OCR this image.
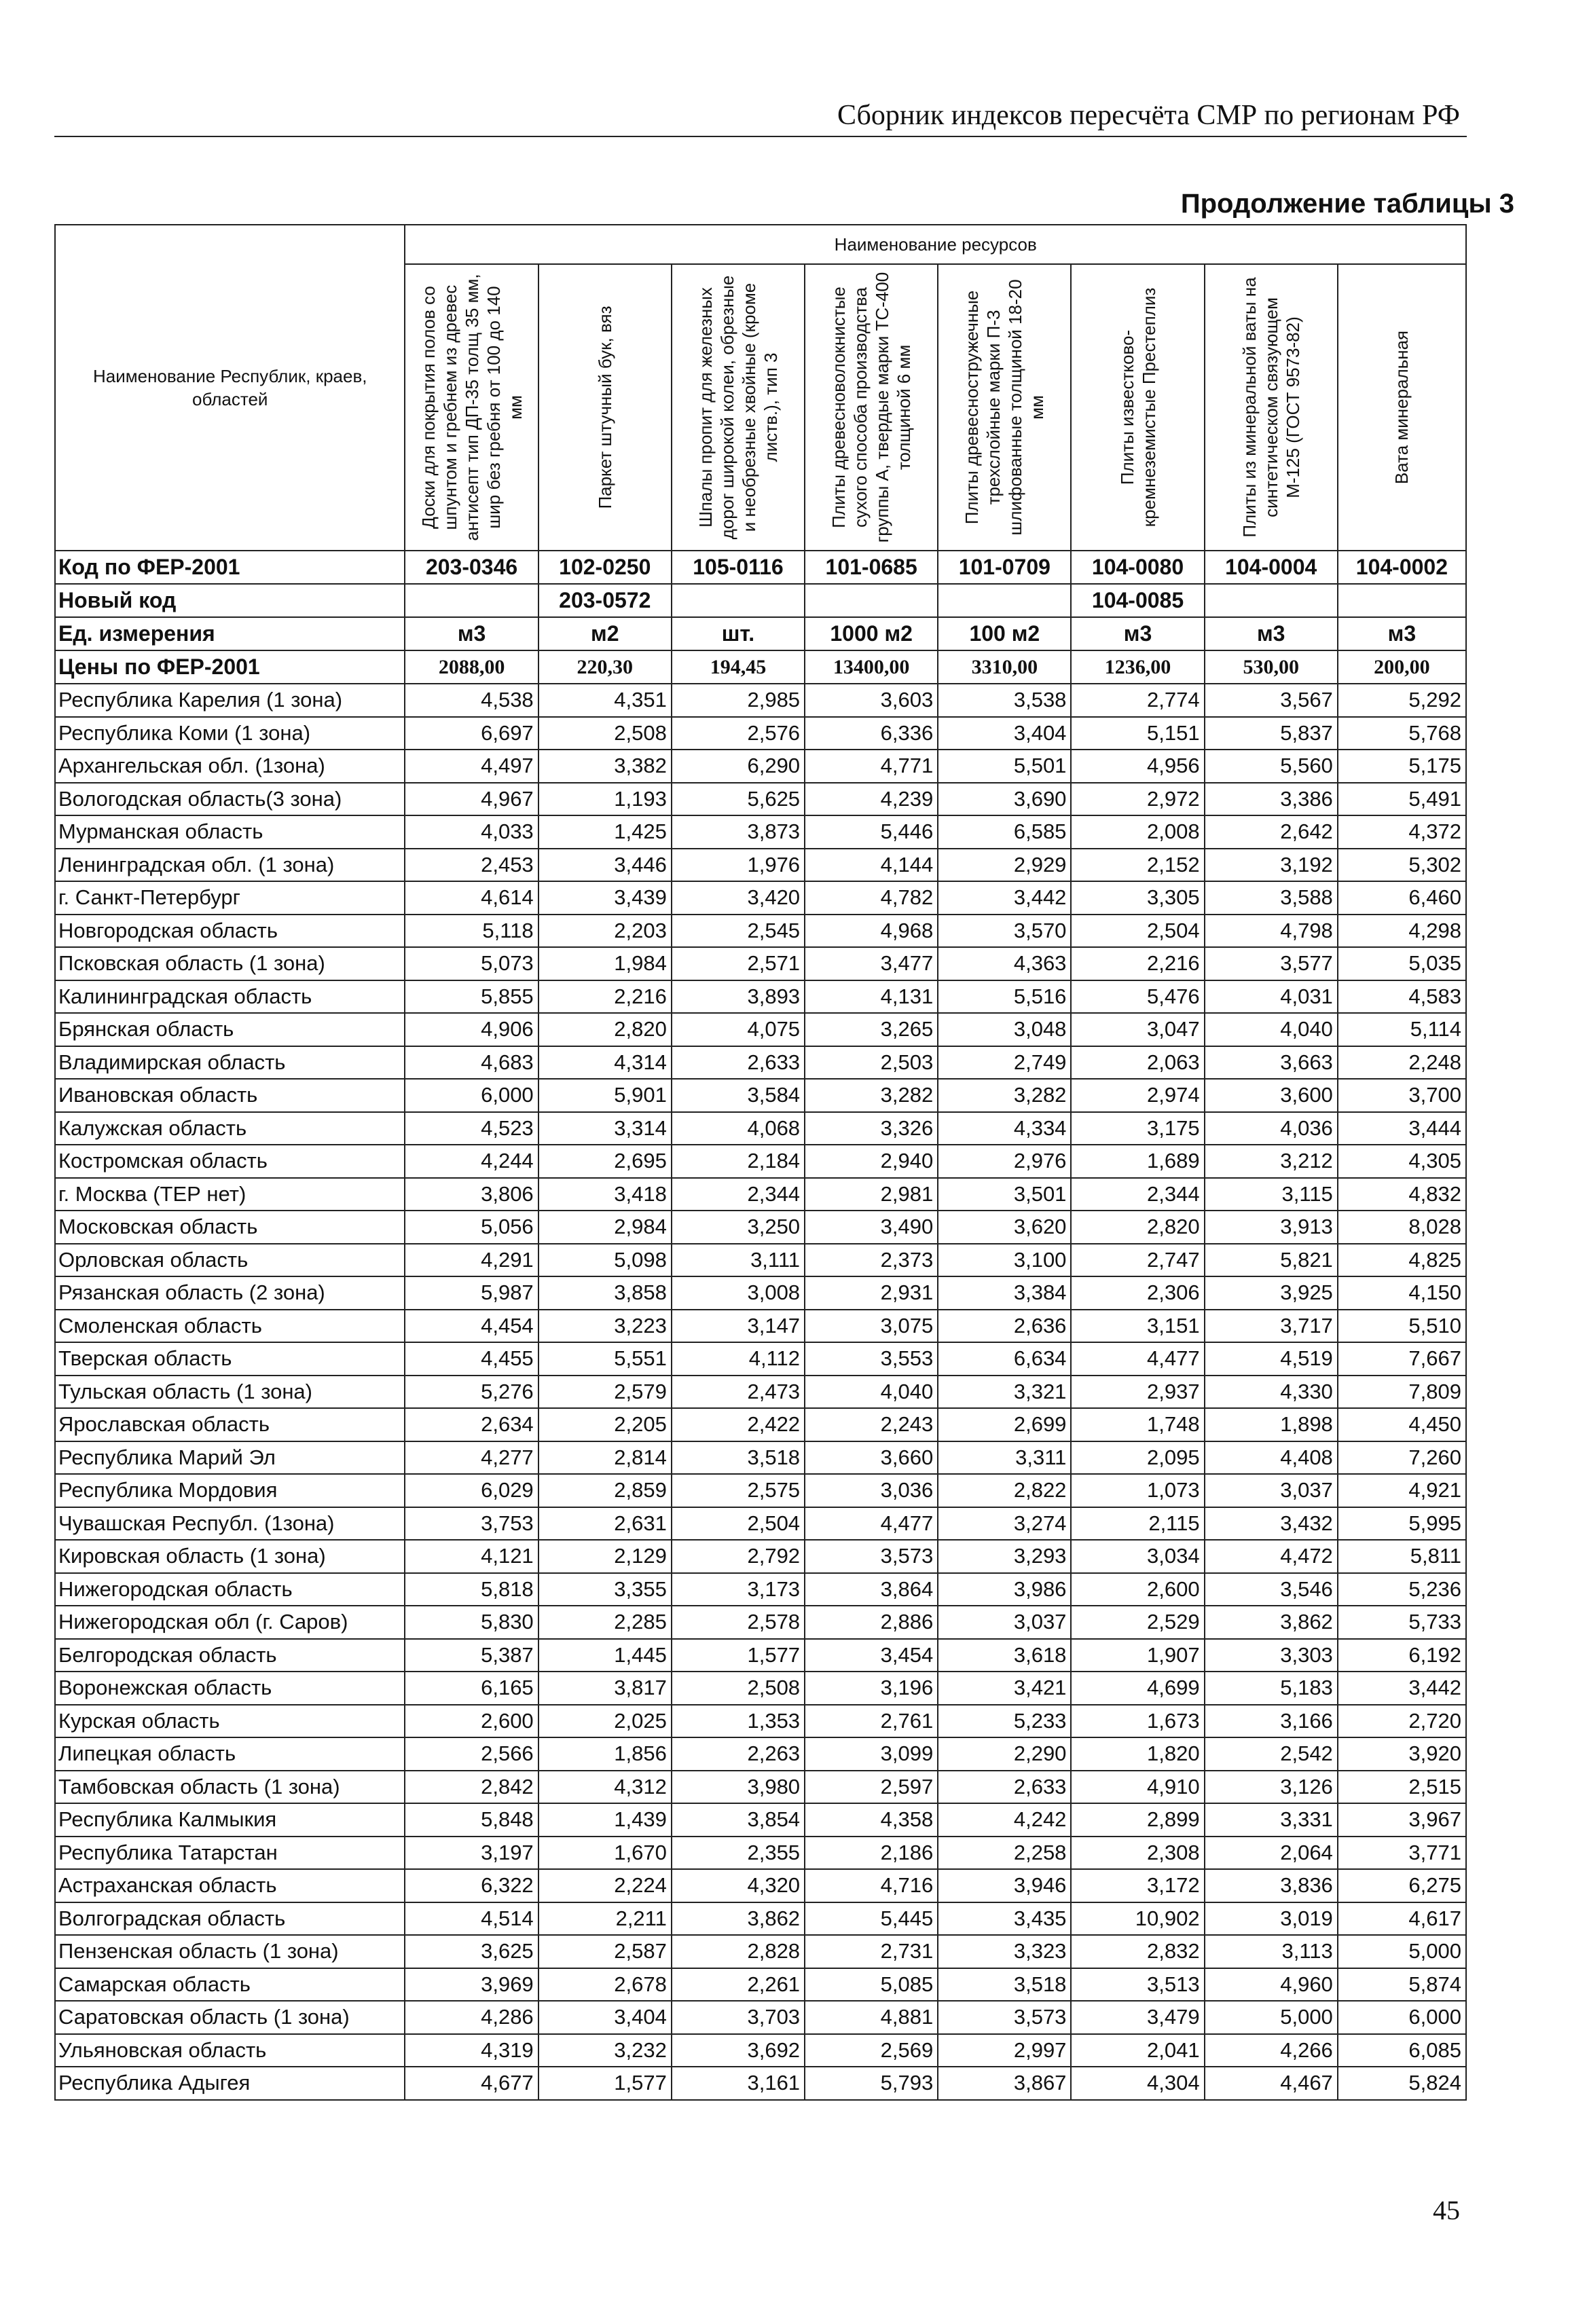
Сборник индексов пересчёта СМР по регионам РФ
Продолжение таблицы 3
Наименование Республик, краев, областей	Наименование ресурсов							

	Доски для покрытия полов со шпунтом и гребнем из древес антисепт тип ДП-35 толщ 35 мм, шир без гребня от 100 до 140 мм	Паркет штучный бук, вяз	Шпалы пропит для железных дорог широкой колеи, обрезные и необрезные хвойные (кроме листв.), тип 3	Плиты древесноволокнистые сухого способа производства группы А, твердые марки ТС-400 толщиной 6 мм	Плиты древесностружечные трехслойные марки П-3 шлифованные толщиной 18-20 мм	Плиты известково-кремнеземистые Престеплиз	Плиты из минеральной ваты на синтетическом связующем М-125 (ГОСТ 9573-82)	Вата минеральная

Код по ФЕР-2001	203-0346	102-0250	105-0116	101-0685	101-0709	104-0080	104-0004	104-0002
Новый код		203-0572				104-0085		
Ед. измерения	м3	м2	шт.	1000 м2	100 м2	м3	м3	м3
Цены по ФЕР-2001	2088,00	220,30	194,45	13400,00	3310,00	1236,00	530,00	200,00
Республика Карелия (1 зона)	4,538	4,351	2,985	3,603	3,538	2,774	3,567	5,292
Республика Коми (1 зона)	6,697	2,508	2,576	6,336	3,404	5,151	5,837	5,768
Архангельская обл. (1зона)	4,497	3,382	6,290	4,771	5,501	4,956	5,560	5,175
Вологодская область(3 зона)	4,967	1,193	5,625	4,239	3,690	2,972	3,386	5,491
Мурманская область	4,033	1,425	3,873	5,446	6,585	2,008	2,642	4,372
Ленинградская обл. (1 зона)	2,453	3,446	1,976	4,144	2,929	2,152	3,192	5,302
г. Санкт-Петербург	4,614	3,439	3,420	4,782	3,442	3,305	3,588	6,460
Новгородская область	5,118	2,203	2,545	4,968	3,570	2,504	4,798	4,298
Псковская область (1 зона)	5,073	1,984	2,571	3,477	4,363	2,216	3,577	5,035
Калининградская область	5,855	2,216	3,893	4,131	5,516	5,476	4,031	4,583
Брянская область	4,906	2,820	4,075	3,265	3,048	3,047	4,040	5,114
Владимирская область	4,683	4,314	2,633	2,503	2,749	2,063	3,663	2,248
Ивановская область	6,000	5,901	3,584	3,282	3,282	2,974	3,600	3,700
Калужская область	4,523	3,314	4,068	3,326	4,334	3,175	4,036	3,444
Костромская область	4,244	2,695	2,184	2,940	2,976	1,689	3,212	4,305
г. Москва (ТЕР нет)	3,806	3,418	2,344	2,981	3,501	2,344	3,115	4,832
Московская область	5,056	2,984	3,250	3,490	3,620	2,820	3,913	8,028
Орловская область	4,291	5,098	3,111	2,373	3,100	2,747	5,821	4,825
Рязанская область (2 зона)	5,987	3,858	3,008	2,931	3,384	2,306	3,925	4,150
Смоленская область	4,454	3,223	3,147	3,075	2,636	3,151	3,717	5,510
Тверская область	4,455	5,551	4,112	3,553	6,634	4,477	4,519	7,667
Тульская область (1 зона)	5,276	2,579	2,473	4,040	3,321	2,937	4,330	7,809
Ярославская область	2,634	2,205	2,422	2,243	2,699	1,748	1,898	4,450
Республика Марий Эл	4,277	2,814	3,518	3,660	3,311	2,095	4,408	7,260
Республика Мордовия	6,029	2,859	2,575	3,036	2,822	1,073	3,037	4,921
Чувашская Республ. (1зона)	3,753	2,631	2,504	4,477	3,274	2,115	3,432	5,995
Кировская область (1 зона)	4,121	2,129	2,792	3,573	3,293	3,034	4,472	5,811
Нижегородская область	5,818	3,355	3,173	3,864	3,986	2,600	3,546	5,236
Нижегородская обл (г. Саров)	5,830	2,285	2,578	2,886	3,037	2,529	3,862	5,733
Белгородская область	5,387	1,445	1,577	3,454	3,618	1,907	3,303	6,192
Воронежская область	6,165	3,817	2,508	3,196	3,421	4,699	5,183	3,442
Курская область	2,600	2,025	1,353	2,761	5,233	1,673	3,166	2,720
Липецкая область	2,566	1,856	2,263	3,099	2,290	1,820	2,542	3,920
Тамбовская область (1 зона)	2,842	4,312	3,980	2,597	2,633	4,910	3,126	2,515
Республика Калмыкия	5,848	1,439	3,854	4,358	4,242	2,899	3,331	3,967
Республика Татарстан	3,197	1,670	2,355	2,186	2,258	2,308	2,064	3,771
Астраханская область	6,322	2,224	4,320	4,716	3,946	3,172	3,836	6,275
Волгоградская область	4,514	2,211	3,862	5,445	3,435	10,902	3,019	4,617
Пензенская область (1 зона)	3,625	2,587	2,828	2,731	3,323	2,832	3,113	5,000
Самарская область	3,969	2,678	2,261	5,085	3,518	3,513	4,960	5,874
Саратовская область (1 зона)	4,286	3,404	3,703	4,881	3,573	3,479	5,000	6,000
Ульяновская область	4,319	3,232	3,692	2,569	2,997	2,041	4,266	6,085
Республика Адыгея	4,677	1,577	3,161	5,793	3,867	4,304	4,467	5,824
45
